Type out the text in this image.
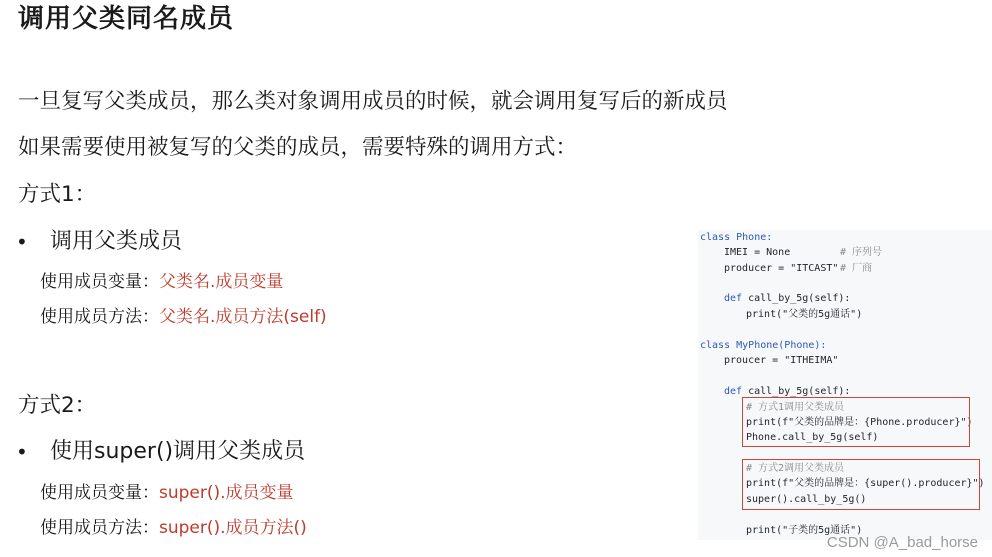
调用父类同名成员
一旦复写父类成员，那么类对象调用成员的时候，就会调用复写后的新成员
如果需要使用被复写的父类的成员，需要特殊的调用方式：
方式1：
•	调用父类成员
使用成员变量：父类名.成员变量
使用成员方法：父类名.成员方法(self)
方式2：
•	使用super()调用父类成员
使用成员变量：super().成员变量
使用成员方法：super().成员方法()

class Phone:

IMEI = None

	# 序列号

producer = "ITCAST"

# 厂商

def call_by_5g(self):

print("父类的5g通话")

class MyPhone(Phone):

proucer = "ITHEIMA"

def call_by_5g(self):

# 方式1调用父类成员

print(f"父类的品牌是：{Phone.producer}")

Phone.call_by_5g(self)

# 方式2调用父类成员

print(f"父类的品牌是：{super().producer}")

super().call_by_5g()

print("子类的5g通话")

CSDN @A_bad_horse
